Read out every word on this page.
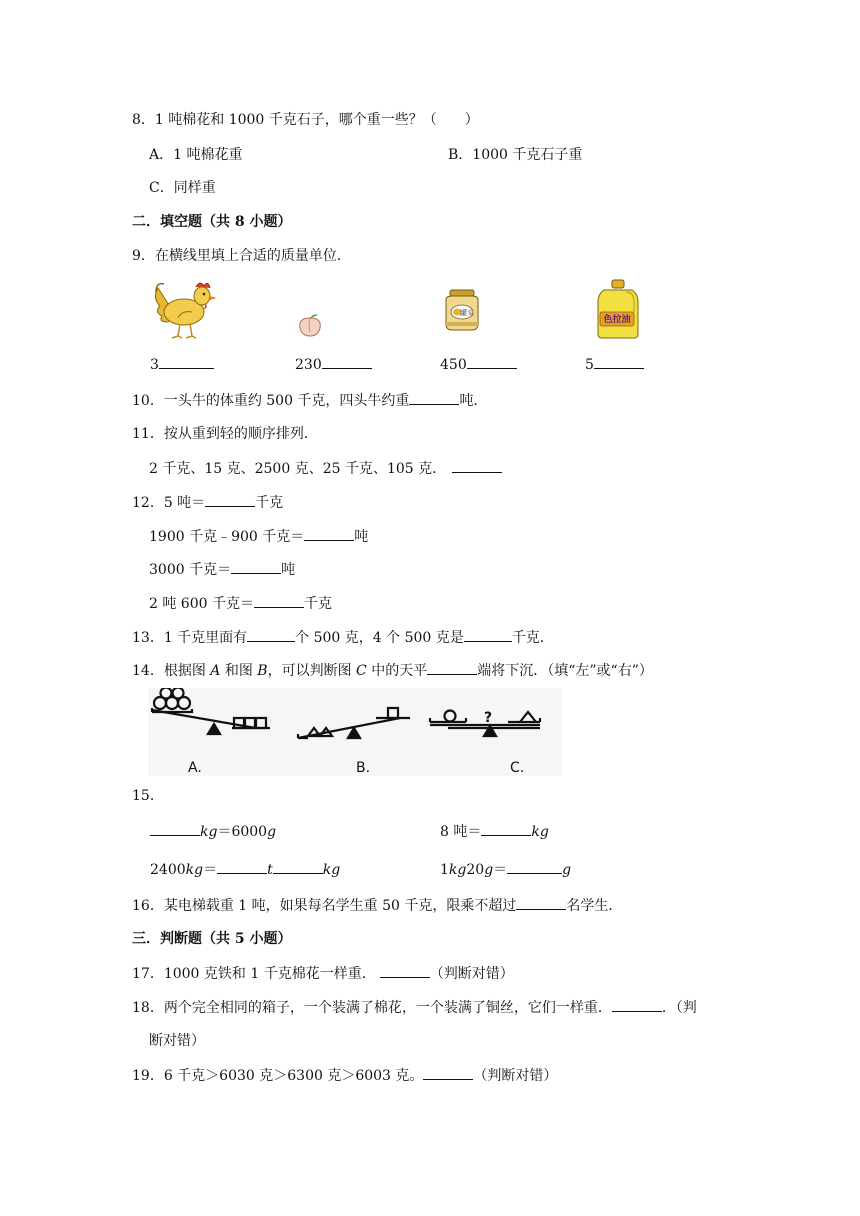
8．1 吨棉花和 1000 千克石子，哪个重一些？（　　）
A．1 吨棉花重	B．1000 千克石子重
C．同样重
二．填空题（共 8 小题）
9．在横线里填上合适的质量单位．
罐头
色拉油
3	230	450	5
10．一头牛的体重约 500 千克，四头牛约重	吨．
11．按从重到轻的顺序排列．
2 千克、15 克、2500 克、25 千克、105 克．
12．5 吨＝	千克
1900 千克﹣900 千克＝	吨
3000 千克＝	吨
2 吨 600 千克＝	千克
13．1 千克里面有	个 500 克，4 个 500 克是	千克．
14．根据图 A 和图 B，可以判断图 C 中的天平	端将下沉．（填“左”或“右”）
?
A.	B.	C.
15．
kg＝6000g	8 吨＝	kg
2400kg＝	t	kg	1kg20g＝	g
16．某电梯载重 1 吨，如果每名学生重 50 千克，限乘不超过	名学生．
三．判断题（共 5 小题）
17．1000 克铁和 1 千克棉花一样重．	（判断对错）
18．两个完全相同的箱子，一个装满了棉花，一个装满了铜丝，它们一样重．	．（判
断对错）
19．6 千克＞6030 克＞6300 克＞6003 克。	（判断对错）
